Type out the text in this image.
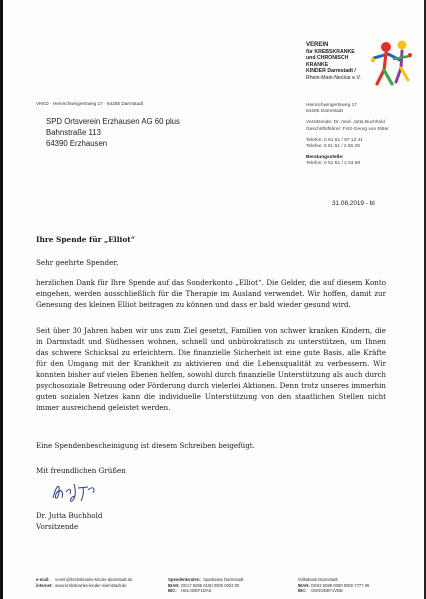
VEREIN
für KREBSKRANKE
und CHRONISCH KRANKE
KINDER Darmstadt /
Rhein-Main-Neckar e.V.
VKKD · Heinrichwingertsweg 17 · 64285 Darmstadt
SPD Ortsverein Erzhausen AG 60 plus
Bahnstraße 113
64390 Erzhausen
Heinrichwingertsweg 17
64285 Darmstadt
Vorsitzende: Dr. med. Jutta Buchhold
Geschäftsführer: Fritz-Georg von Ritter
Telefon: 0 61 51 / 97 13 41
Telefax: 0 61 51 / 2 56 29
Beratungsstelle:
Telefon: 0 61 51 / 2 53 96
31.08.2019 - bl
Ihre Spende für „Elliot“
Sehr geehrte Spender,
herzlichen Dank für Ihre Spende auf das Sonderkonto „Elliot“. Die Gelder, die auf diesem Konto eingehen, werden ausschließlich für die Therapie im Ausland verwendet. Wir hoffen, damit zur Genesung des kleinen Elliot beitragen zu können und dass er bald wieder gesund wird.
Seit über 30 Jahren haben wir uns zum Ziel gesetzt, Familien von schwer kranken Kindern, die in Darmstadt und Südhessen wohnen, schnell und unbürokratisch zu unterstützen, um Ihnen das schwere Schicksal zu erleichtern. Die finanzielle Sicherheit ist eine gute Basis, alle Kräfte für den Umgang mit der Krankheit zu aktivieren und die Lebensqualität zu verbessern. Wir konnten bisher auf vielen Ebenen helfen, sowohl durch finanzielle Unterstützung als auch durch psychosoziale Betreuung oder Förderung durch vielerlei Aktionen. Denn trotz unseres immerhin guten sozialen Netzes kann die individuelle Unterstützung von den staatlichen Stellen nicht immer ausreichend geleistet werden.
Eine Spendenbescheinigung ist diesem Schreiben beigefügt.
Mit freundlichen Grüßen
Dr. Jutta Buchhold
Vorsitzende
e-mail: verein@krebskranke-kinder-darmstadt.de
internet: www.krebskranke-kinder-darmstadt.de
Spendenkonten: Sparkasse Darmstadt
IBAN: DE17 5085 0150 0000 0022 00
BIC: HELADEF1DAS
Volksbank Darmstadt
IBAN: DE62 5089 0000 0000 7777 06
BIC: GENODEF1VBD
